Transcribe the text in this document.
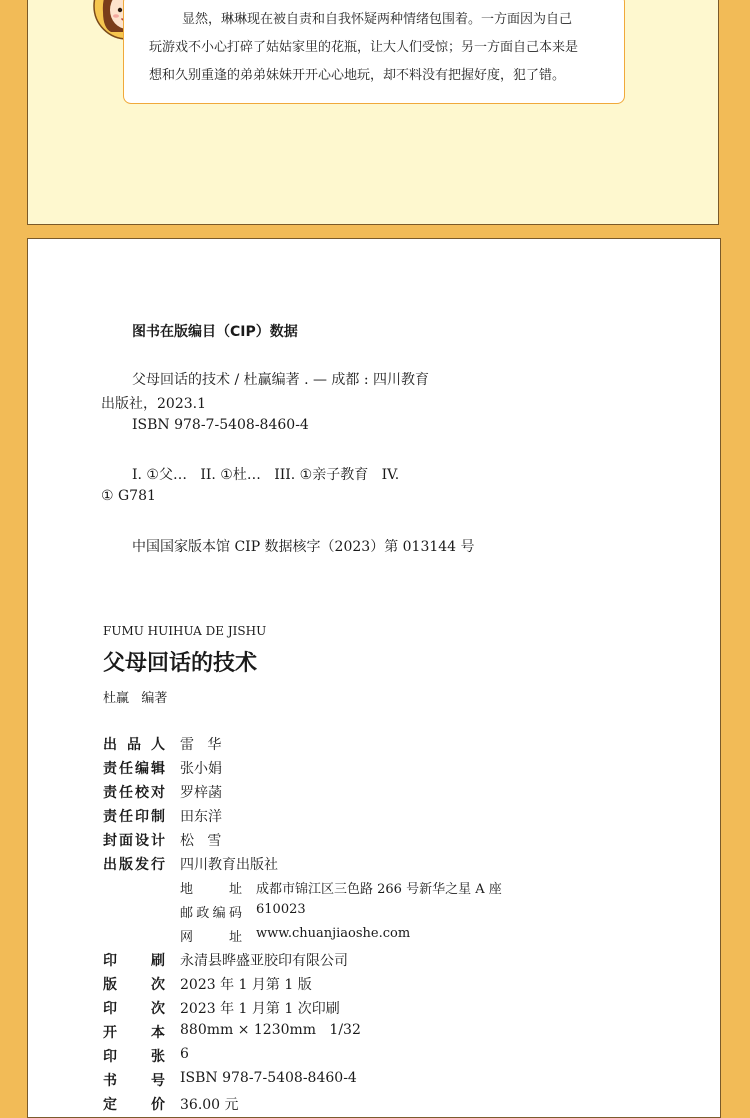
显然，琳琳现在被自责和自我怀疑两种情绪包围着。一方面因为自己
玩游戏不小心打碎了姑姑家里的花瓶，让大人们受惊；另一方面自己本来是
想和久别重逢的弟弟妹妹开开心心地玩，却不料没有把握好度，犯了错。
图书在版编目（CIP）数据
父母回话的技术 / 杜赢编著 . — 成都 : 四川教育
出版社，2023.1
ISBN 978-7-5408-8460-4
I. ①父…   II. ①杜…   III. ①亲子教育   IV.
① G781
中国国家版本馆 CIP 数据核字（2023）第 013144 号
FUMU HUIHUA DE JISHU
父母回话的技术
杜赢   编著
出品人 雷   华
责任编辑 张小娟
责任校对 罗梓菡
责任印制 田东洋
封面设计 松   雪
出版发行 四川教育出版社
地址 成都市锦江区三色路 266 号新华之星 A 座
邮政编码 610023
网址 www.chuanjiaoshe.com
印刷 永清县晔盛亚胶印有限公司
版次 2023 年 1 月第 1 版
印次 2023 年 1 月第 1 次印刷
开本 880mm × 1230mm   1/32
印张 6
书号 ISBN 978-7-5408-8460-4
定价 36.00 元
